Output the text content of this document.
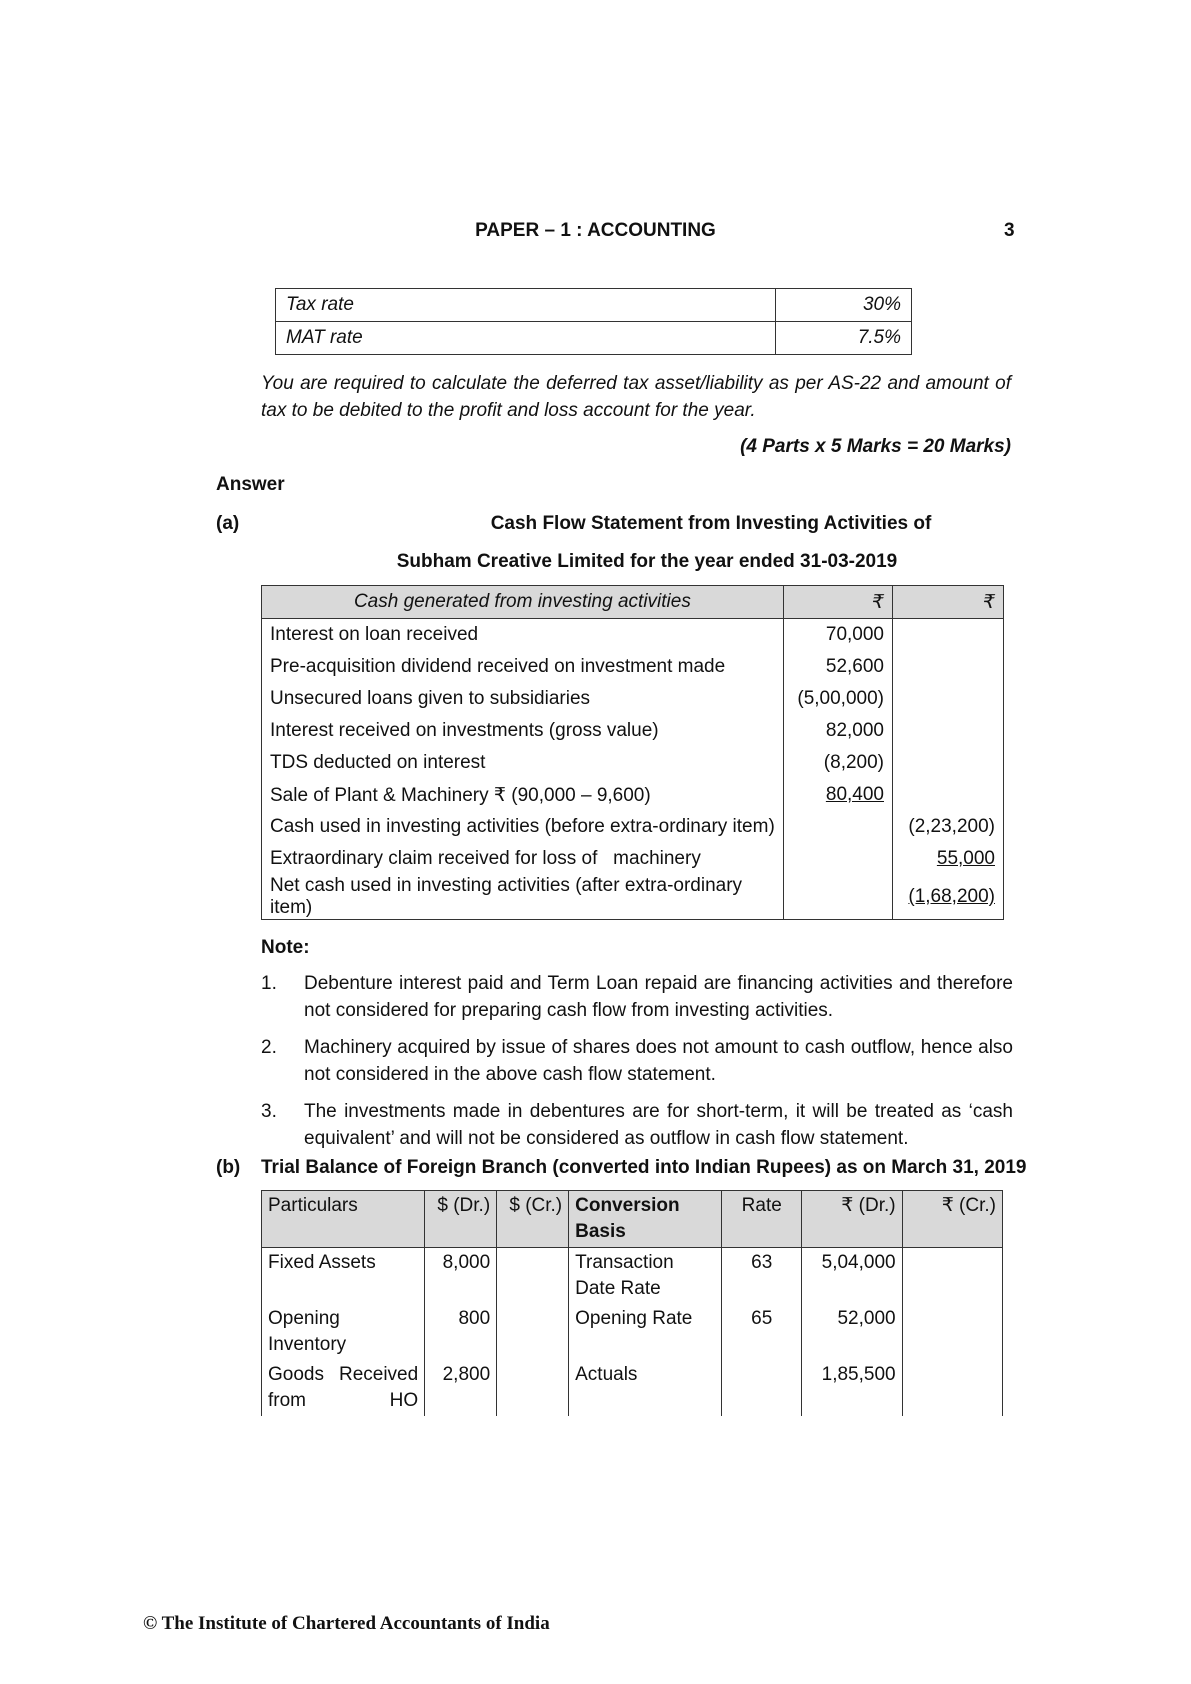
PAPER – 1 : ACCOUNTING	3
Tax rate	30%
MAT rate	7.5%
You are required to calculate the deferred tax asset/liability as per AS-22 and amount of tax to be debited to the profit and loss account for the year.
(4 Parts x 5 Marks = 20 Marks)
Answer
(a)	Cash Flow Statement from Investing Activities of
Subham Creative Limited for the year ended 31-03-2019
Cash generated from investing activities	₹	₹
Interest on loan received	70,000	
Pre-acquisition dividend received on investment made	52,600	
Unsecured loans given to subsidiaries	(5,00,000)	
Interest received on investments (gross value)	82,000	
TDS deducted on interest	(8,200)	
Sale of Plant & Machinery ₹ (90,000 – 9,600)	80,400	
Cash used in investing activities (before extra-ordinary item)		(2,23,200)
Extraordinary claim received for loss of   machinery		55,000
Net cash used in investing activities (after extra-ordinary item)		(1,68,200)
Note:
1.	Debenture interest paid and Term Loan repaid are financing activities and therefore not considered for preparing cash flow from investing activities.
2.	Machinery acquired by issue of shares does not amount to cash outflow, hence also not considered in the above cash flow statement.
3.	The investments made in debentures are for short-term, it will be treated as ‘cash equivalent’ and will not be considered as outflow in cash flow statement.
(b) Trial Balance of Foreign Branch (converted into Indian Rupees) as on March 31, 2019
Particulars	$ (Dr.)	$ (Cr.)	Conversion Basis	Rate	₹ (Dr.)	₹ (Cr.)
Fixed Assets	8,000		Transaction Date Rate	63	5,04,000	
Opening Inventory	800		Opening Rate	65	52,000	
Goods Received from HO	2,800		Actuals		1,85,500	
© The Institute of Chartered Accountants of India
